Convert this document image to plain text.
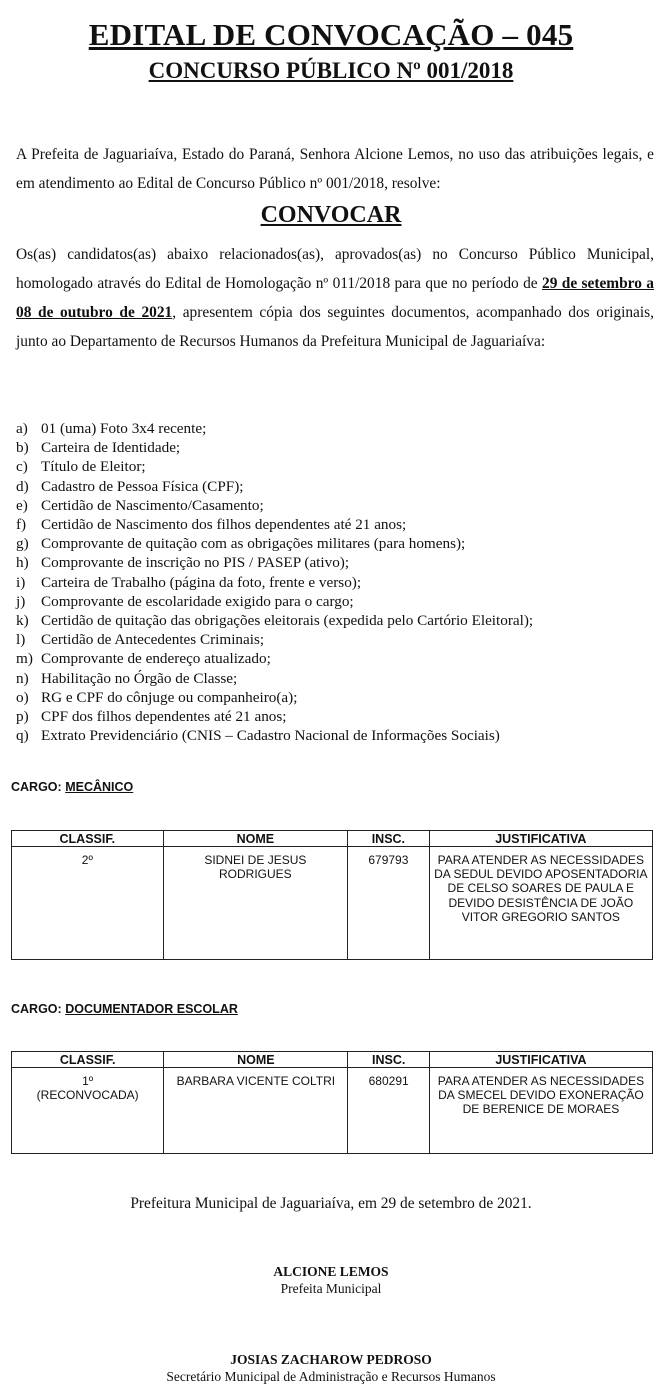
EDITAL DE CONVOCAÇÃO – 045
CONCURSO PÚBLICO Nº 001/2018

A Prefeita de Jaguariaíva, Estado do Paraná, Senhora Alcione Lemos, no uso das atribuições legais, e em atendimento ao Edital de Concurso Público nº 001/2018, resolve:

CONVOCAR

Os(as) candidatos(as) abaixo relacionados(as), aprovados(as) no Concurso Público Municipal, homologado através do Edital de Homologação nº 011/2018 para que no período de 29 de setembro a 08 de outubro de 2021, apresentem cópia dos seguintes documentos, acompanhado dos originais, junto ao Departamento de Recursos Humanos da Prefeitura Municipal de Jaguariaíva:

a) 01 (uma) Foto 3x4 recente;
b) Carteira de Identidade;
c) Título de Eleitor;
d) Cadastro de Pessoa Física (CPF);
e) Certidão de Nascimento/Casamento;
f) Certidão de Nascimento dos filhos dependentes até 21 anos;
g) Comprovante de quitação com as obrigações militares (para homens);
h) Comprovante de inscrição no PIS / PASEP (ativo);
i) Carteira de Trabalho (página da foto, frente e verso);
j) Comprovante de escolaridade exigido para o cargo;
k) Certidão de quitação das obrigações eleitorais (expedida pelo Cartório Eleitoral);
l) Certidão de Antecedentes Criminais;
m) Comprovante de endereço atualizado;
n) Habilitação no Órgão de Classe;
o) RG e CPF do cônjuge ou companheiro(a);
p) CPF dos filhos dependentes até 21 anos;
q) Extrato Previdenciário (CNIS – Cadastro Nacional de Informações Sociais)
CARGO: MECÂNICO
CLASSIF.	NOME	INSC.	JUSTIFICATIVA
2º	SIDNEI DE JESUS RODRIGUES	679793	PARA ATENDER AS NECESSIDADES DA SEDUL DEVIDO APOSENTADORIA DE CELSO SOARES DE PAULA E DEVIDO DESISTÊNCIA DE JOÃO VITOR GREGORIO SANTOS
CARGO: DOCUMENTADOR ESCOLAR
CLASSIF.	NOME	INSC.	JUSTIFICATIVA
1º
(RECONVOCADA)	BARBARA VICENTE COLTRI	680291	PARA ATENDER AS NECESSIDADES DA SMECEL DEVIDO EXONERAÇÃO DE BERENICE DE MORAES
Prefeitura Municipal de Jaguariaíva, em 29 de setembro de 2021.
ALCIONE LEMOS
Prefeita Municipal
JOSIAS ZACHAROW PEDROSO
Secretário Municipal de Administração e Recursos Humanos
